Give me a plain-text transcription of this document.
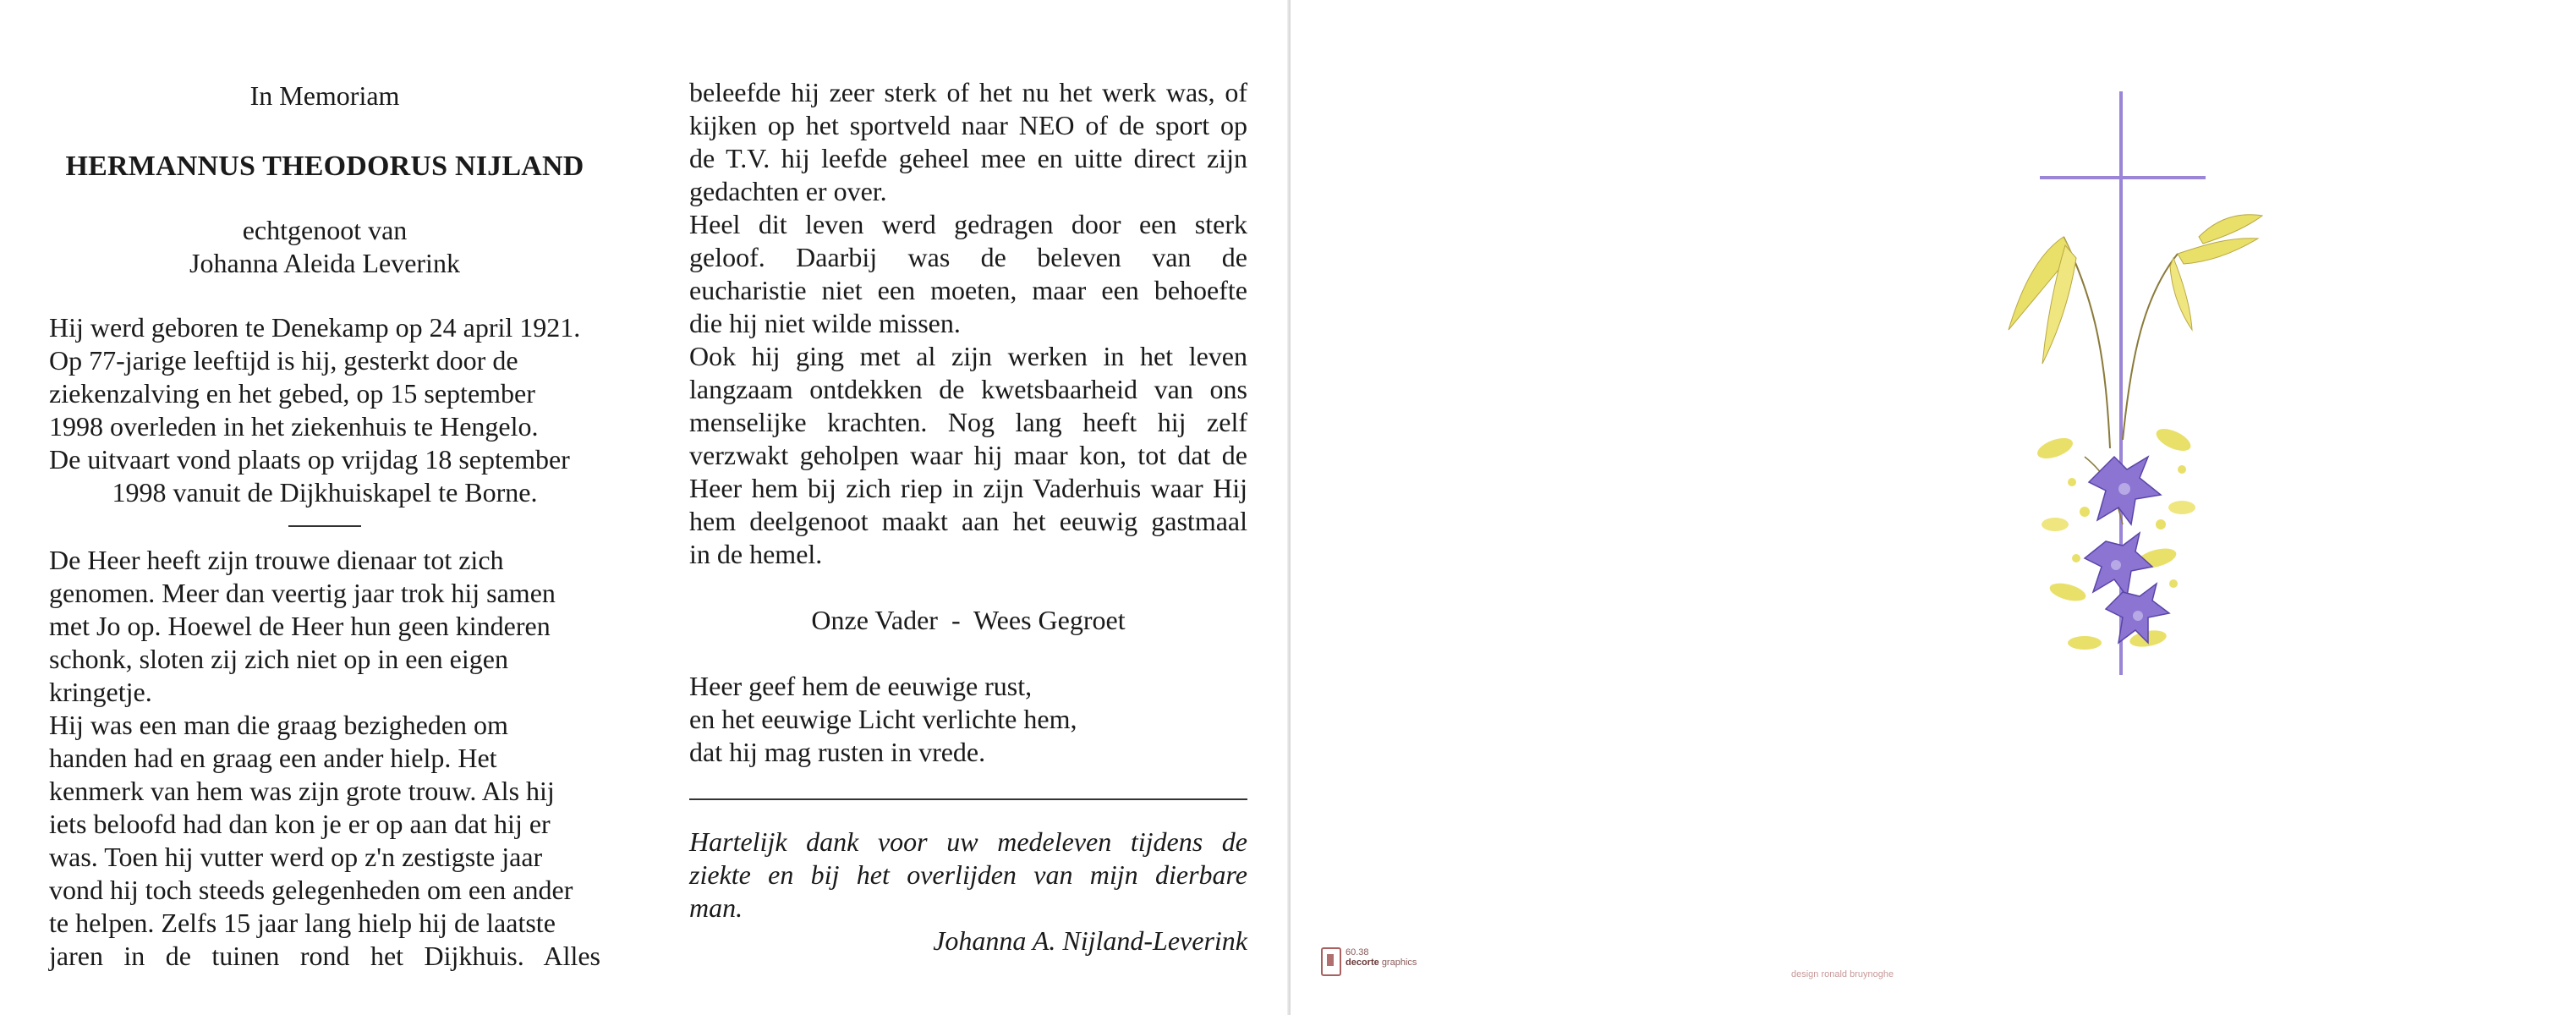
In Memoriam

HERMANNUS THEODORUS NIJLAND

echtgenoot van

Johanna Aleida Leverink

Hij werd geboren te Denekamp op 24 april 1921.

Op 77-jarige leeftijd is hij, gesterkt door de

ziekenzalving en het gebed, op 15 september

1998 overleden in het ziekenhuis te Hengelo.

De uitvaart vond plaats op vrijdag 18 september

1998 vanuit de Dijkhuiskapel te Borne.

De Heer heeft zijn trouwe dienaar tot zich

genomen. Meer dan veertig jaar trok hij samen

met Jo op. Hoewel de Heer hun geen kinderen

schonk, sloten zij zich niet op in een eigen

kringetje.

Hij was een man die graag bezigheden om

handen had en graag een ander hielp. Het

kenmerk van hem was zijn grote trouw. Als hij

iets beloofd had dan kon je er op aan dat hij er

was. Toen hij vutter werd op z'n zestigste jaar

vond hij toch steeds gelegenheden om een ander

te helpen. Zelfs 15 jaar lang hielp hij de laatste

jaren in de tuinen rond het Dijkhuis. Alles

beleefde hij zeer sterk of het nu het werk was, of

kijken op het sportveld naar NEO of de sport op

de T.V. hij leefde geheel mee en uitte direct zijn

gedachten er over.

Heel dit leven werd gedragen door een sterk

geloof. Daarbij was de beleven van de

eucharistie niet een moeten, maar een behoefte

die hij niet wilde missen.

Ook hij ging met al zijn werken in het leven

langzaam ontdekken de kwetsbaarheid van ons

menselijke krachten. Nog lang heeft hij zelf

verzwakt geholpen waar hij maar kon, tot dat de

Heer hem bij zich riep in zijn Vaderhuis waar Hij

hem deelgenoot maakt aan het eeuwig gastmaal

in de hemel.

Onze Vader  -  Wees Gegroet

Heer geef hem de eeuwige rust,

en het eeuwige Licht verlichte hem,

dat hij mag rusten in vrede.

Hartelijk dank voor uw medeleven tijdens de

ziekte en bij het overlijden van mijn dierbare

man.

Johanna A. Nijland-Leverink	60.38
decorte graphics
design ronald bruynoghe
